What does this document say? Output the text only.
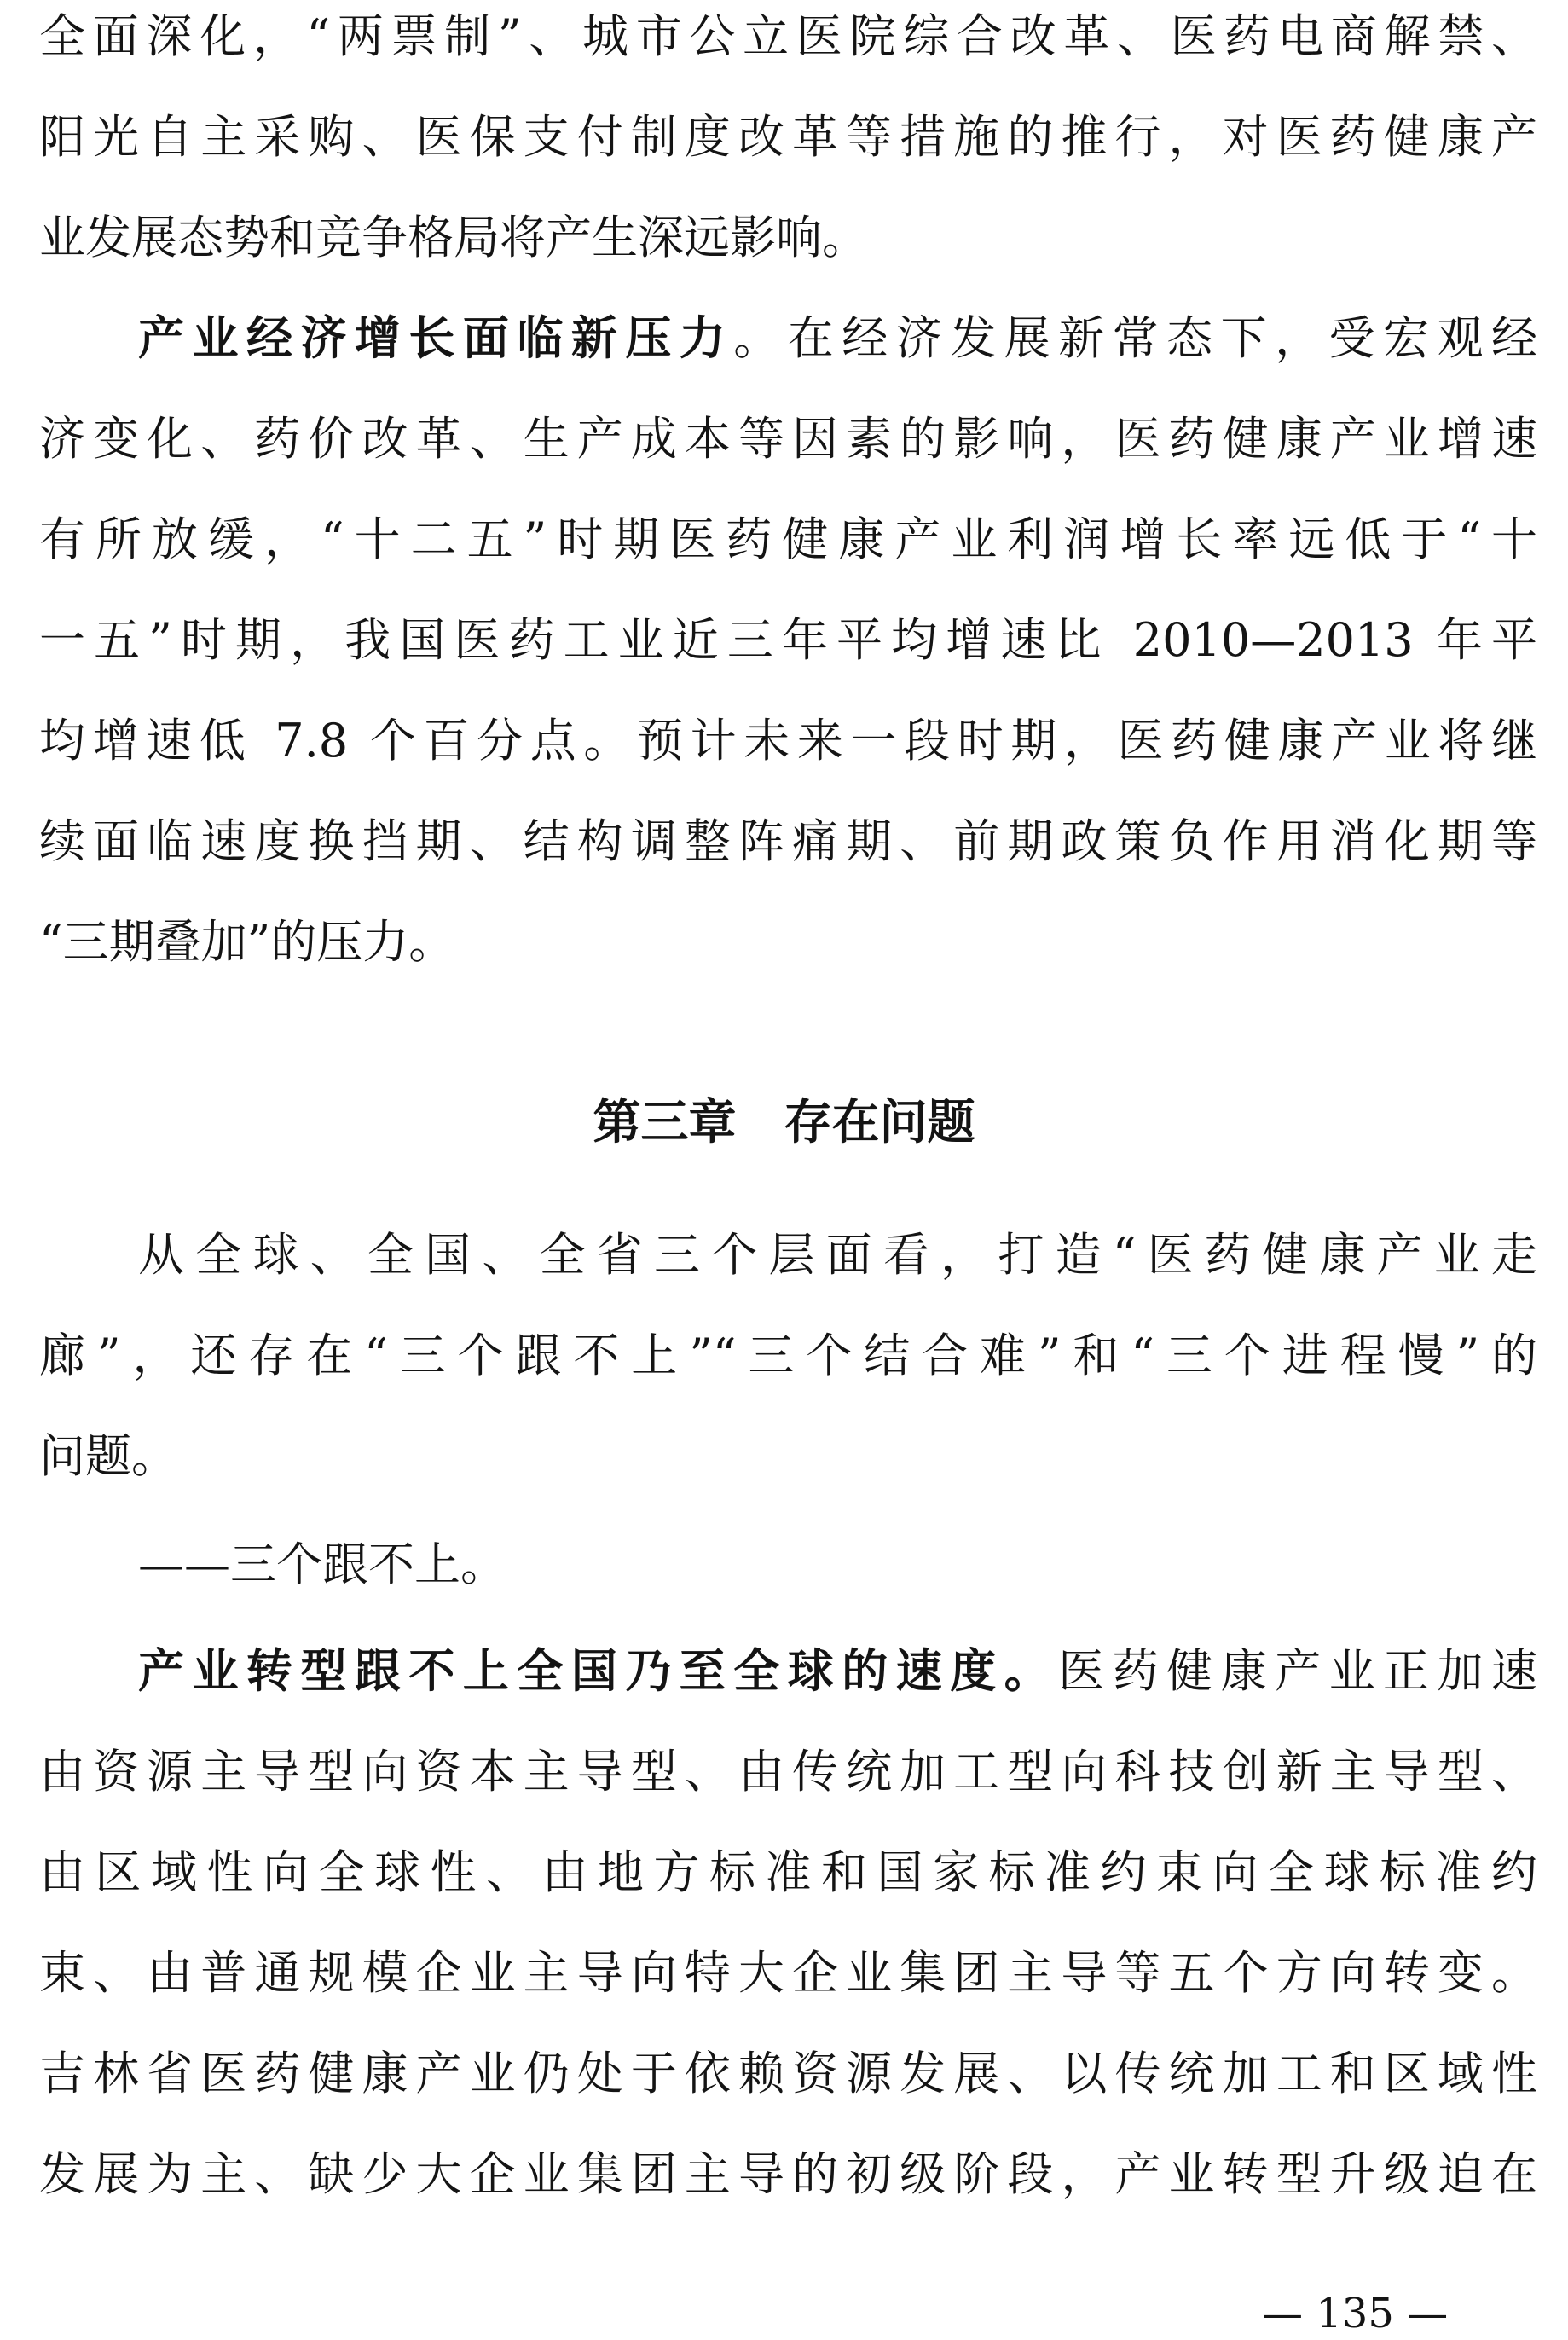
全面深化，“两票制”、城市公立医院综合改革、医药电商解禁、
阳光自主采购、医保支付制度改革等措施的推行，对医药健康产
业发展态势和竞争格局将产生深远影响。
产业经济增长面临新压力。在经济发展新常态下，受宏观经
济变化、药价改革、生产成本等因素的影响，医药健康产业增速
有所放缓，“十二五”时期医药健康产业利润增长率远低于“十
一五”时期，我国医药工业近三年平均增速比 2010—2013 年平
均增速低 7.8 个百分点。预计未来一段时期，医药健康产业将继
续面临速度换挡期、结构调整阵痛期、前期政策负作用消化期等
“三期叠加”的压力。
第三章　存在问题
从全球、全国、全省三个层面看，打造“医药健康产业走
廊”，还存在“三个跟不上”“三个结合难”和“三个进程慢”的
问题。
——三个跟不上。
产业转型跟不上全国乃至全球的速度。医药健康产业正加速
由资源主导型向资本主导型、由传统加工型向科技创新主导型、
由区域性向全球性、由地方标准和国家标准约束向全球标准约
束、由普通规模企业主导向特大企业集团主导等五个方向转变。
吉林省医药健康产业仍处于依赖资源发展、以传统加工和区域性
发展为主、缺少大企业集团主导的初级阶段，产业转型升级迫在
— 135 —
